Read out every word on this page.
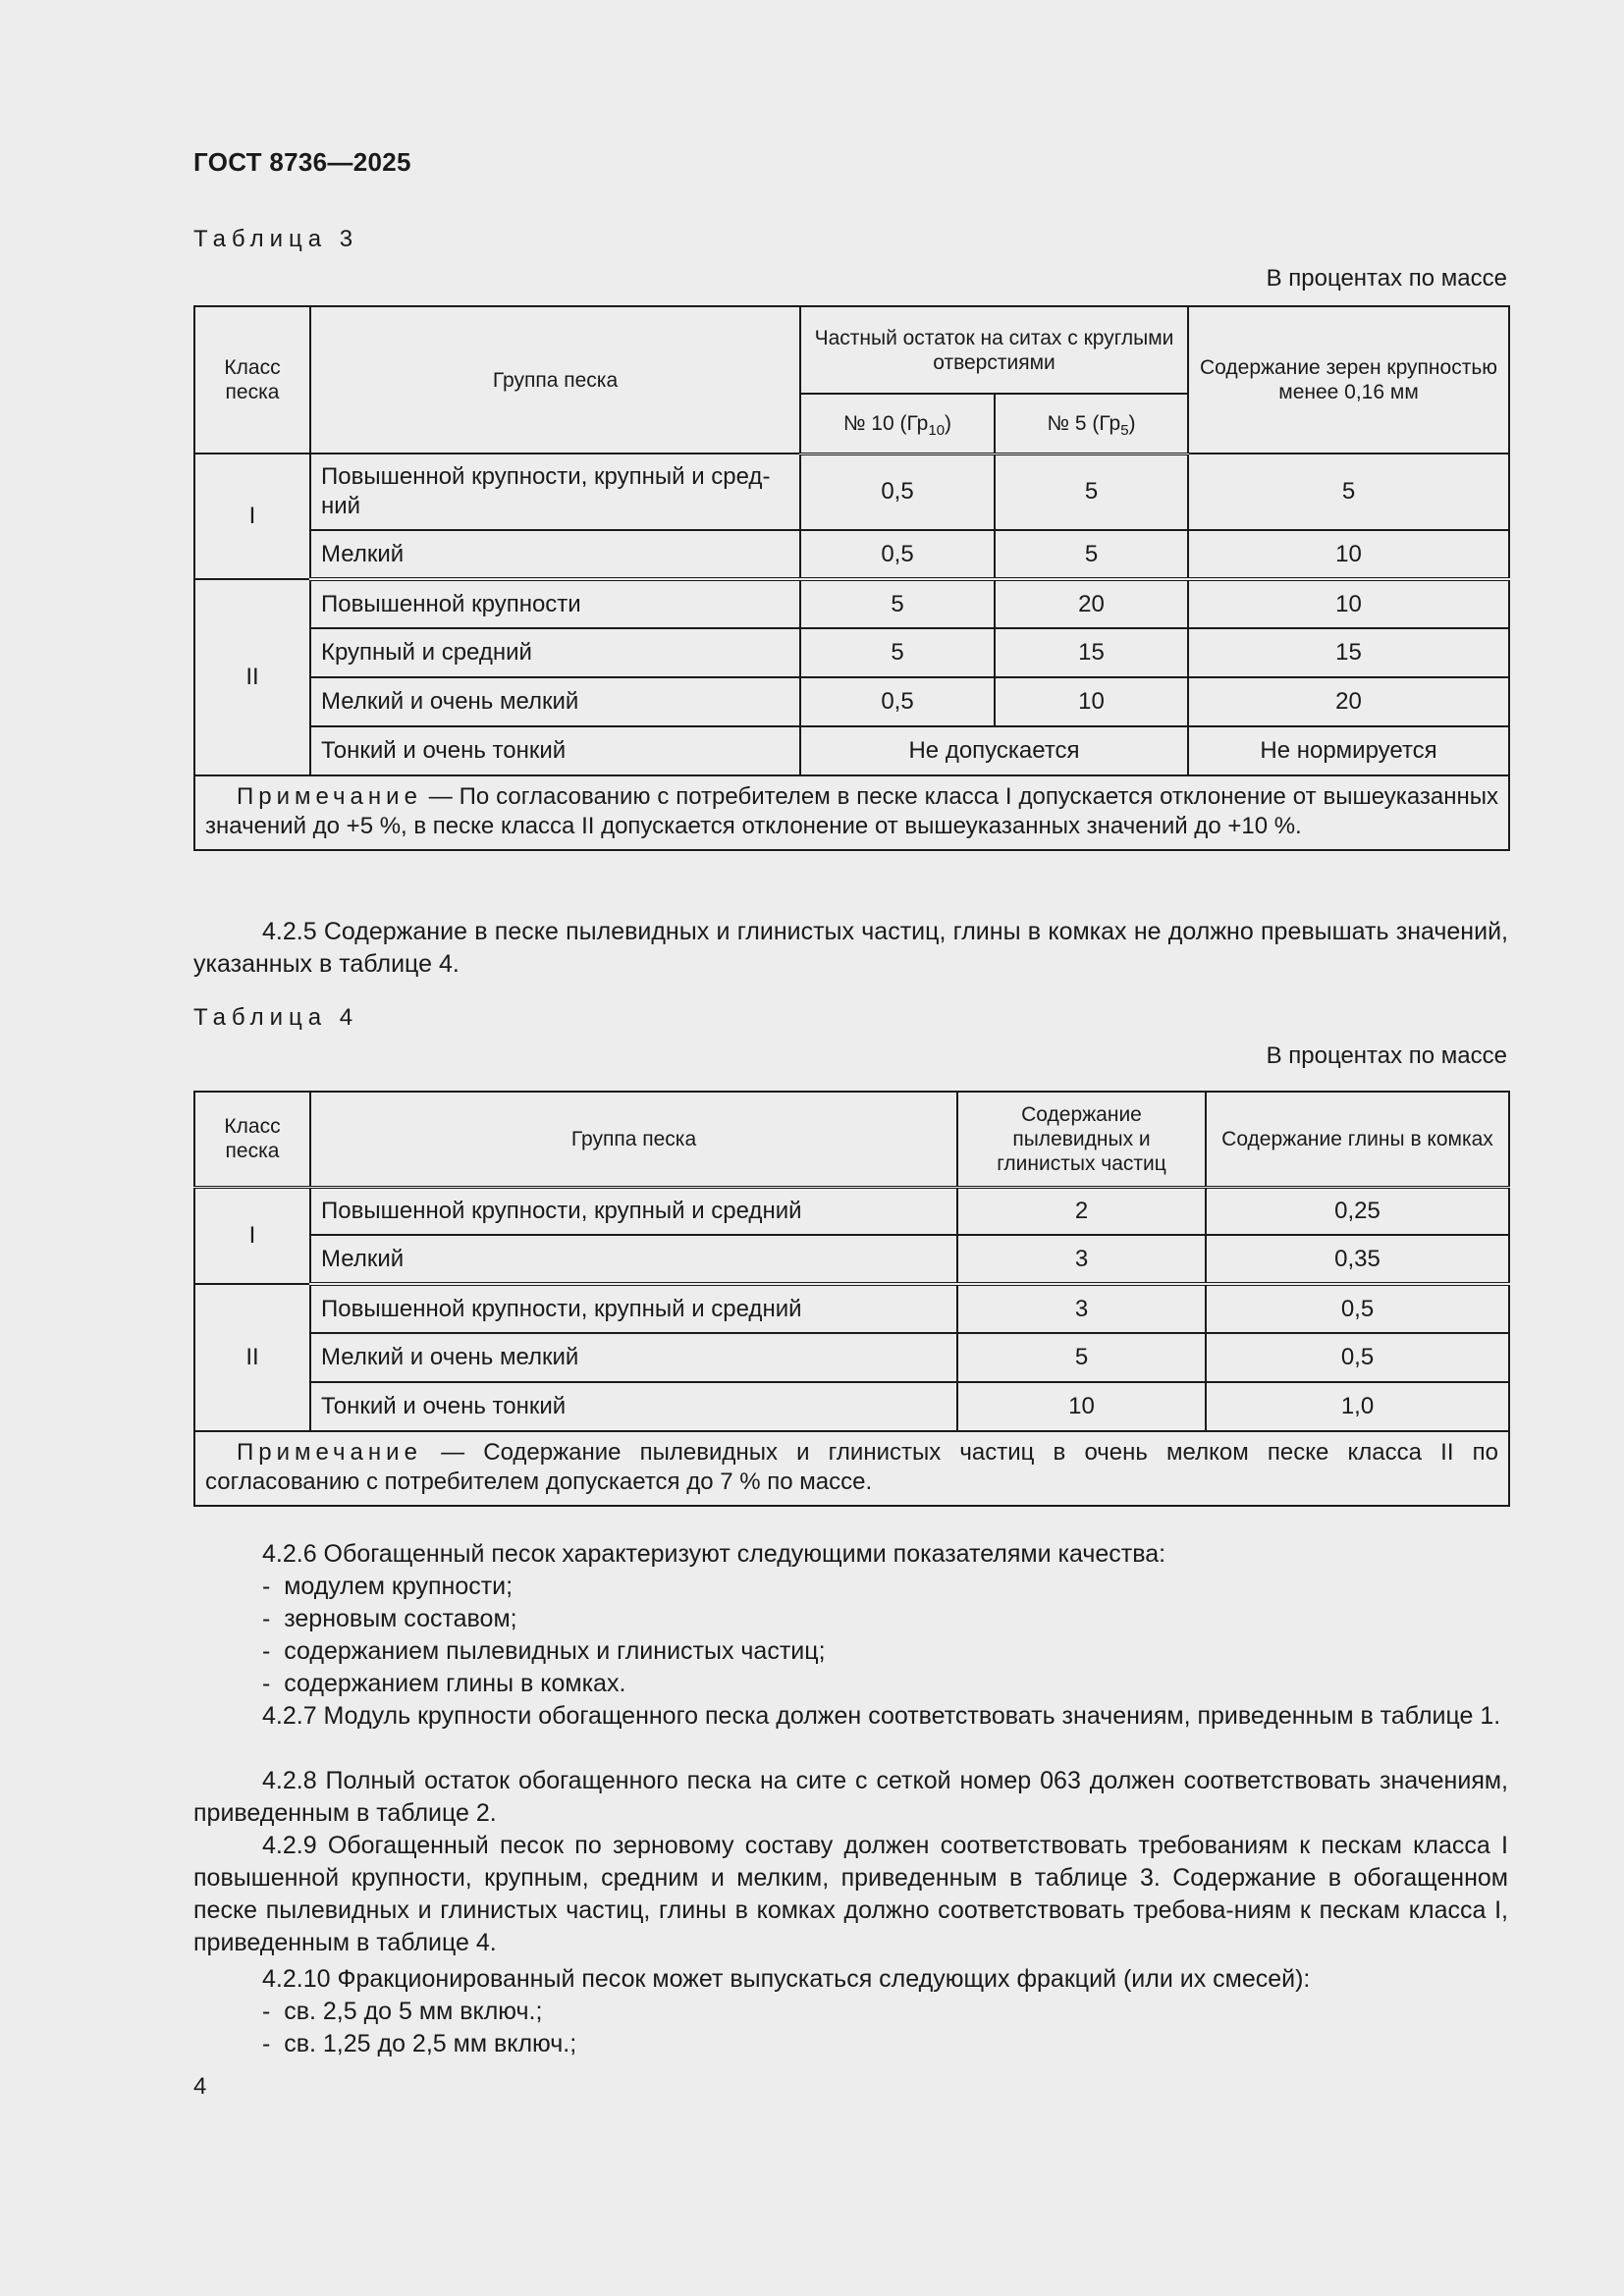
ГОСТ 8736—2025
Таблица 3
В процентах по массе
Класс песка	Группа песка	Частный остаток на ситах с круглыми отверстиями		Содержание зерен крупностью менее 0,16 мм
		№ 10 $(Гр_{10})$	№ 5 $(Гр_5)$	
I	Повышенной крупности, крупный и сред-ний	0,5	5	5
	Мелкий	0,5	5	10
II	Повышенной крупности	5	20	10
	Крупный и средний	5	15	15
	Мелкий и очень мелкий	0,5	10	20
	Тонкий и очень тонкий	Не допускается		Не нормируется
Примечание — По согласованию с потребителем в песке класса I допускается отклонение от вышеуказанных значений до +5 %, в песке класса II допускается отклонение от вышеуказанных значений до +10 %.				
4.2.5 Содержание в песке пылевидных и глинистых частиц, глины в комках не должно превышать значений, указанных в таблице 4.
Таблица 4
В процентах по массе
Класс песка	Группа песка	Содержание пылевидных и глинистых частиц	Содержание глины в комках
I	Повышенной крупности, крупный и средний	2	0,25
	Мелкий	3	0,35
II	Повышенной крупности, крупный и средний	3	0,5
	Мелкий и очень мелкий	5	0,5
	Тонкий и очень тонкий	10	1,0
Примечание — Содержание пылевидных и глинистых частиц в очень мелком песке класса II по согласованию с потребителем допускается до 7 % по массе.			
4.2.6 Обогащенный песок характеризуют следующими показателями качества:
-  модулем крупности;
-  зерновым составом;
-  содержанием пылевидных и глинистых частиц;
-  содержанием глины в комках.
4.2.7 Модуль крупности обогащенного песка должен соответствовать значениям, приведенным в таблице 1.
4.2.8 Полный остаток обогащенного песка на сите с сеткой номер 063 должен соответствовать значениям, приведенным в таблице 2.
4.2.9 Обогащенный песок по зерновому составу должен соответствовать требованиям к пескам класса I повышенной крупности, крупным, средним и мелким, приведенным в таблице 3. Содержание в обогащенном песке пылевидных и глинистых частиц, глины в комках должно соответствовать требова-ниям к пескам класса I, приведенным в таблице 4.
4.2.10 Фракционированный песок может выпускаться следующих фракций (или их смесей):
-  св. 2,5 до 5 мм включ.;
-  св. 1,25 до 2,5 мм включ.;
4
